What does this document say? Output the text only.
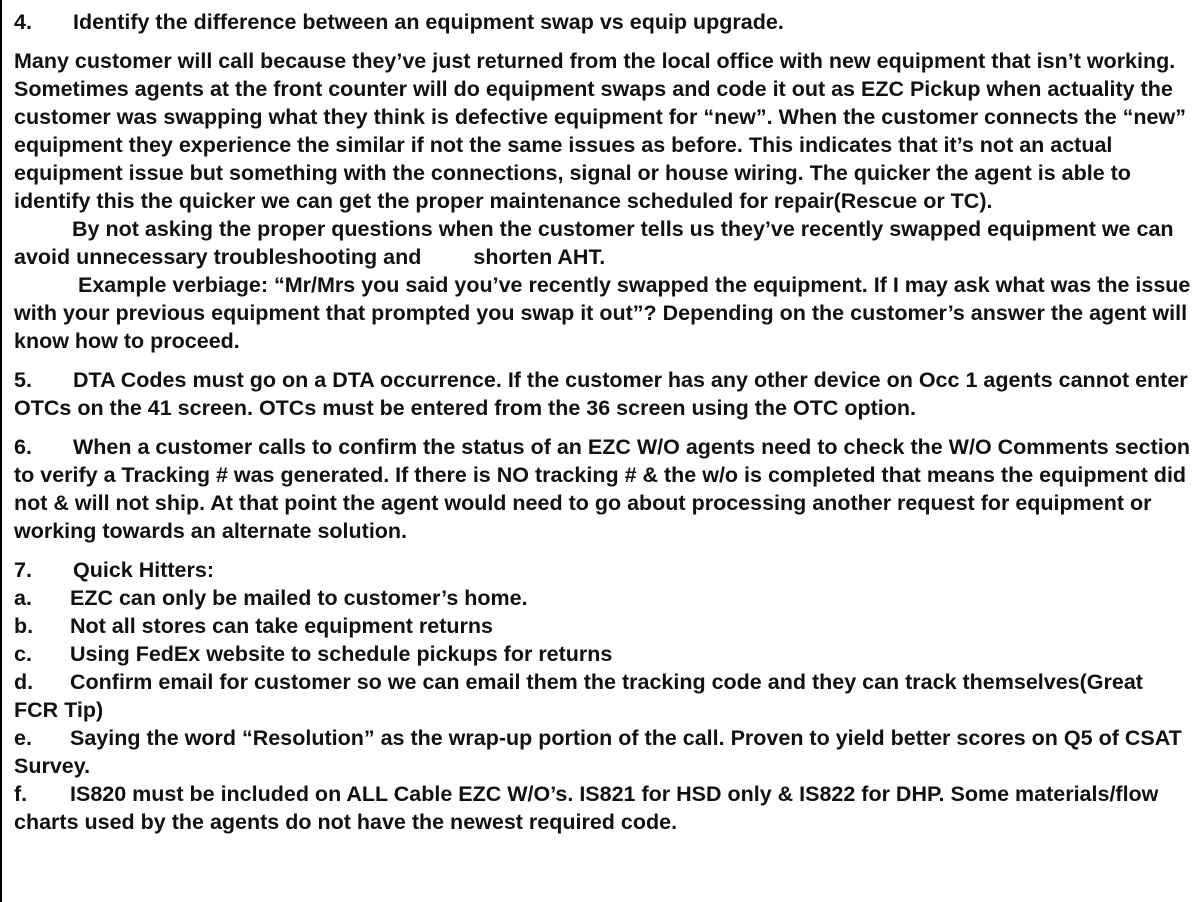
4. Identify the difference between an equipment swap vs equip upgrade.
Many customer will call because they’ve just returned from the local office with new equipment that isn’t working.
Sometimes agents at the front counter will do equipment swaps and code it out as EZC Pickup when actuality the customer was swapping what they think is defective equipment for “new”. When the customer connects the “new” equipment they experience the similar if not the same issues as before. This indicates that it’s not an actual equipment issue but something with the connections, signal or house wiring. The quicker the agent is able to identify this the quicker we can get the proper maintenance scheduled for repair(Rescue or TC).
By not asking the proper questions when the customer tells us they’ve recently swapped equipment we can avoid unnecessary troubleshooting and shorten AHT.
Example verbiage: “Mr/Mrs you said you’ve recently swapped the equipment. If I may ask what was the issue with your previous equipment that prompted you swap it out”? Depending on the customer’s answer the agent will know how to proceed.
5. DTA Codes must go on a DTA occurrence. If the customer has any other device on Occ 1 agents cannot enter OTCs on the 41 screen. OTCs must be entered from the 36 screen using the OTC option.
6. When a customer calls to confirm the status of an EZC W/O agents need to check the W/O Comments section to verify a Tracking # was generated. If there is NO tracking # & the w/o is completed that means the equipment did not & will not ship. At that point the agent would need to go about processing another request for equipment or working towards an alternate solution.
7. Quick Hitters:
a. EZC can only be mailed to customer’s home.
b. Not all stores can take equipment returns
c. Using FedEx website to schedule pickups for returns
d. Confirm email for customer so we can email them the tracking code and they can track themselves(Great FCR Tip)
e. Saying the word “Resolution” as the wrap-up portion of the call. Proven to yield better scores on Q5 of CSAT Survey.
f. IS820 must be included on ALL Cable EZC W/O’s. IS821 for HSD only & IS822 for DHP. Some materials/flow charts used by the agents do not have the newest required code.
